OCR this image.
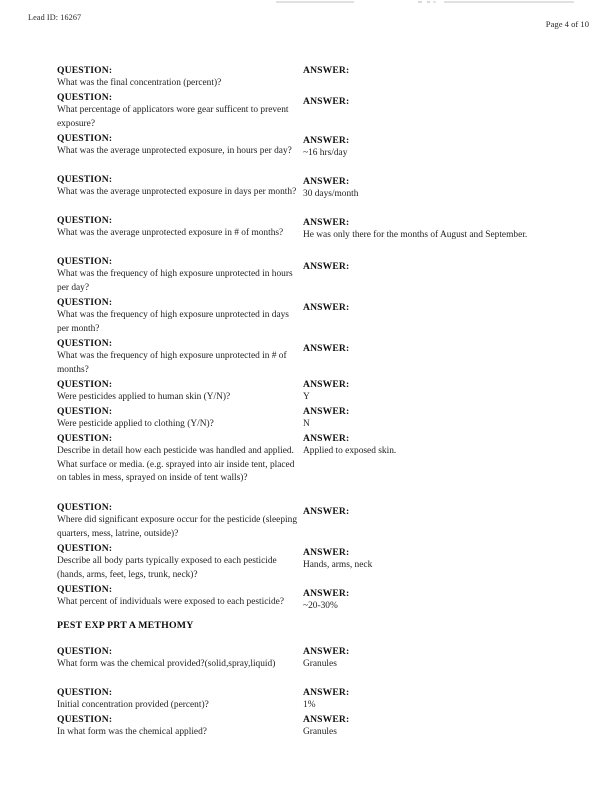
Lead ID: 16267
Page 4 of 10
QUESTION:
What was the final concentration (percent)?
ANSWER:
QUESTION:
What percentage of applicators wore gear sufficent to prevent exposure?
ANSWER:
QUESTION:
What was the average unprotected exposure, in hours per day?
ANSWER:
~16 hrs/day
QUESTION:
What was the average unprotected exposure in days per month?
ANSWER:
30 days/month
QUESTION:
What was the average unprotected exposure in # of months?
ANSWER:
He was only there for the months of August and September.
QUESTION:
What was the frequency of high exposure unprotected in hours per day?
ANSWER:
QUESTION:
What was the frequency of high exposure unprotected in days per month?
ANSWER:
QUESTION:
What was the frequency of high exposure unprotected in # of months?
ANSWER:
QUESTION:
Were pesticides applied to human skin (Y/N)?
ANSWER:
Y
QUESTION:
Were pesticide applied to clothing (Y/N)?
ANSWER:
N
QUESTION:
Describe in detail how each pesticide was handled and applied. What surface or media. (e.g. sprayed into air inside tent, placed on tables in mess, sprayed on inside of tent walls)?
ANSWER:
Applied to exposed skin.
QUESTION:
Where did significant exposure occur for the pesticide (sleeping quarters, mess, latrine, outside)?
ANSWER:
QUESTION:
Describe all body parts typically exposed to each pesticide (hands, arms, feet, legs, trunk, neck)?
ANSWER:
Hands, arms, neck
QUESTION:
What percent of individuals were exposed to each pesticide?
ANSWER:
~20-30%
QUESTION:
What form was the chemical provided?(solid,spray,liquid)
ANSWER:
Granules
QUESTION:
Initial concentration provided (percent)?
ANSWER:
1%
QUESTION:
In what form was the chemical applied?
ANSWER:
Granules
PEST EXP PRT A METHOMY
